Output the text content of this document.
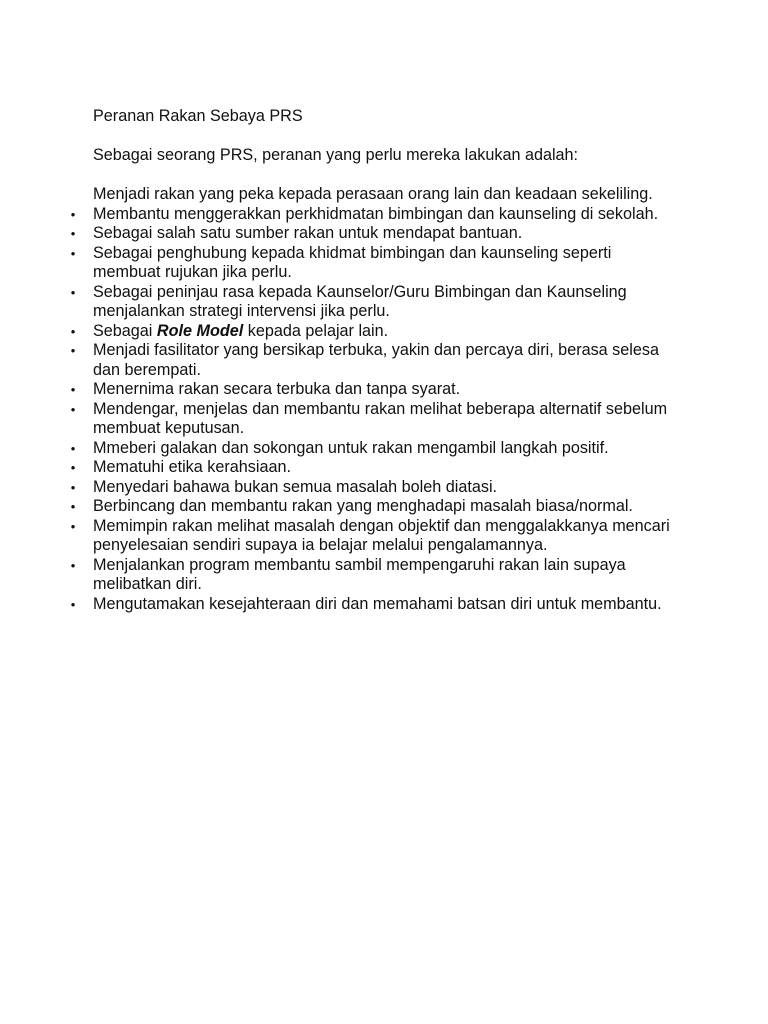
Peranan Rakan Sebaya PRS

Sebagai seorang PRS, peranan yang perlu mereka lakukan adalah:

Menjadi rakan yang peka kepada perasaan orang lain dan keadaan sekeliling.

• Membantu menggerakkan perkhidmatan bimbingan dan kaunseling di sekolah.
• Sebagai salah satu sumber rakan untuk mendapat bantuan.
• Sebagai penghubung kepada khidmat bimbingan dan kaunseling seperti membuat rujukan jika perlu.
• Sebagai peninjau rasa kepada Kaunselor/Guru Bimbingan dan Kaunseling menjalankan strategi intervensi jika perlu.
• Sebagai Role Model kepada pelajar lain.
• Menjadi fasilitator yang bersikap terbuka, yakin dan percaya diri, berasa selesa dan berempati.
• Menernima rakan secara terbuka dan tanpa syarat.
• Mendengar, menjelas dan membantu rakan melihat beberapa alternatif sebelum membuat keputusan.
• Mmeberi galakan dan sokongan untuk rakan mengambil langkah positif.
• Mematuhi etika kerahsiaan.
• Menyedari bahawa bukan semua masalah boleh diatasi.
• Berbincang dan membantu rakan yang menghadapi masalah biasa/normal.
• Memimpin rakan melihat masalah dengan objektif dan menggalakkanya mencari penyelesaian sendiri supaya ia belajar melalui pengalamannya.
• Menjalankan program membantu sambil mempengaruhi rakan lain supaya melibatkan diri.
• Mengutamakan kesejahteraan diri dan memahami batsan diri untuk membantu.
